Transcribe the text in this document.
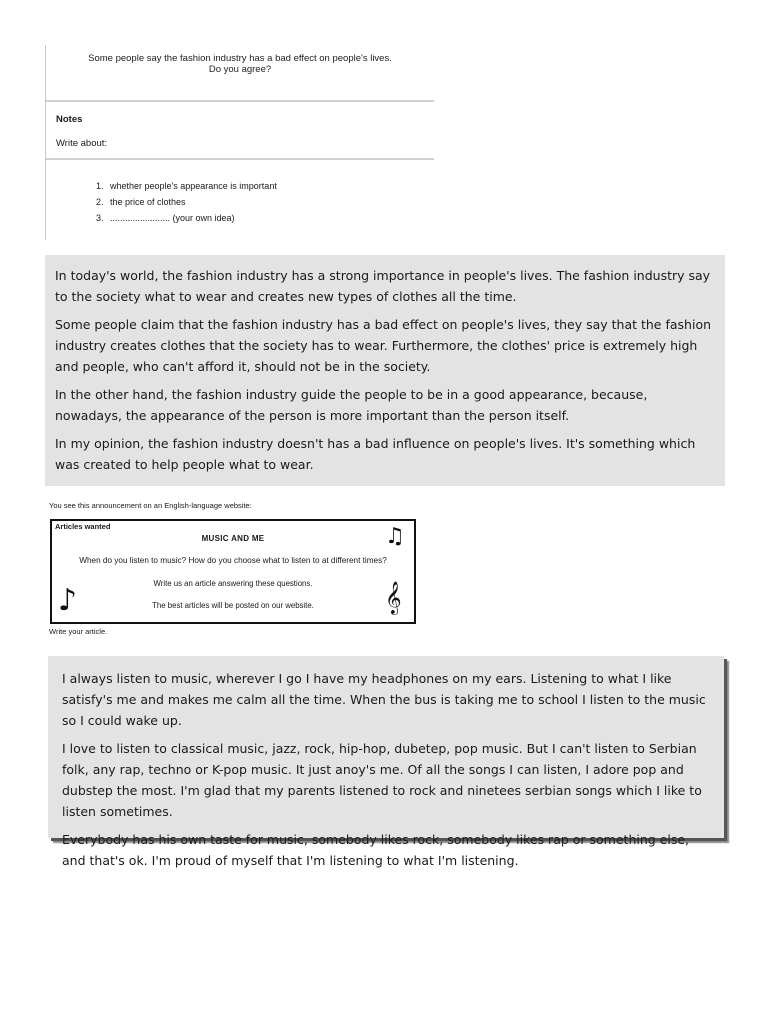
Some people say the fashion industry has a bad effect on people's lives.
Do you agree?
Notes
Write about:
1. whether people's appearance is important
2. the price of clothes
3. ........................ (your own idea)

In today's world, the fashion industry has a strong importance in people's lives. The fashion industry say to the society what to wear and creates new types of clothes all the time.

Some people claim that the fashion industry has a bad effect on people's lives, they say that the fashion industry creates clothes that the society has to wear. Furthermore, the clothes' price is extremely high and people, who can't afford it, should not be in the society.

In the other hand, the fashion industry guide the people to be in a good appearance, because, nowadays, the appearance of the person is more important than the person itself.

In my opinion, the fashion industry doesn't has a bad influence on people's lives. It's something which was created to help people what to wear.

You see this announcement on an English-language website:
Articles wanted
MUSIC AND ME
When do you listen to music? How do you choose what to listen to at different times?
Write us an article answering these questions.
The best articles will be posted on our website.
♫
♪	𝄞
Write your article.

I always listen to music, wherever I go I have my headphones on my ears. Listening to what I like satisfy's me and makes me calm all the time. When the bus is taking me to school I listen to the music so I could wake up.

I love to listen to classical music, jazz, rock, hip-hop, dubetep, pop music. But I can't listen to Serbian folk, any rap, techno or K-pop music. It just anoy's me. Of all the songs I can listen, I adore pop and dubstep the most. I'm glad that my parents listened to rock and ninetees serbian songs which I like to listen sometimes.

Everybody has his own taste for music, somebody likes rock, somebody likes rap or something else, and that's ok. I'm proud of myself that I'm listening to what I'm listening.
